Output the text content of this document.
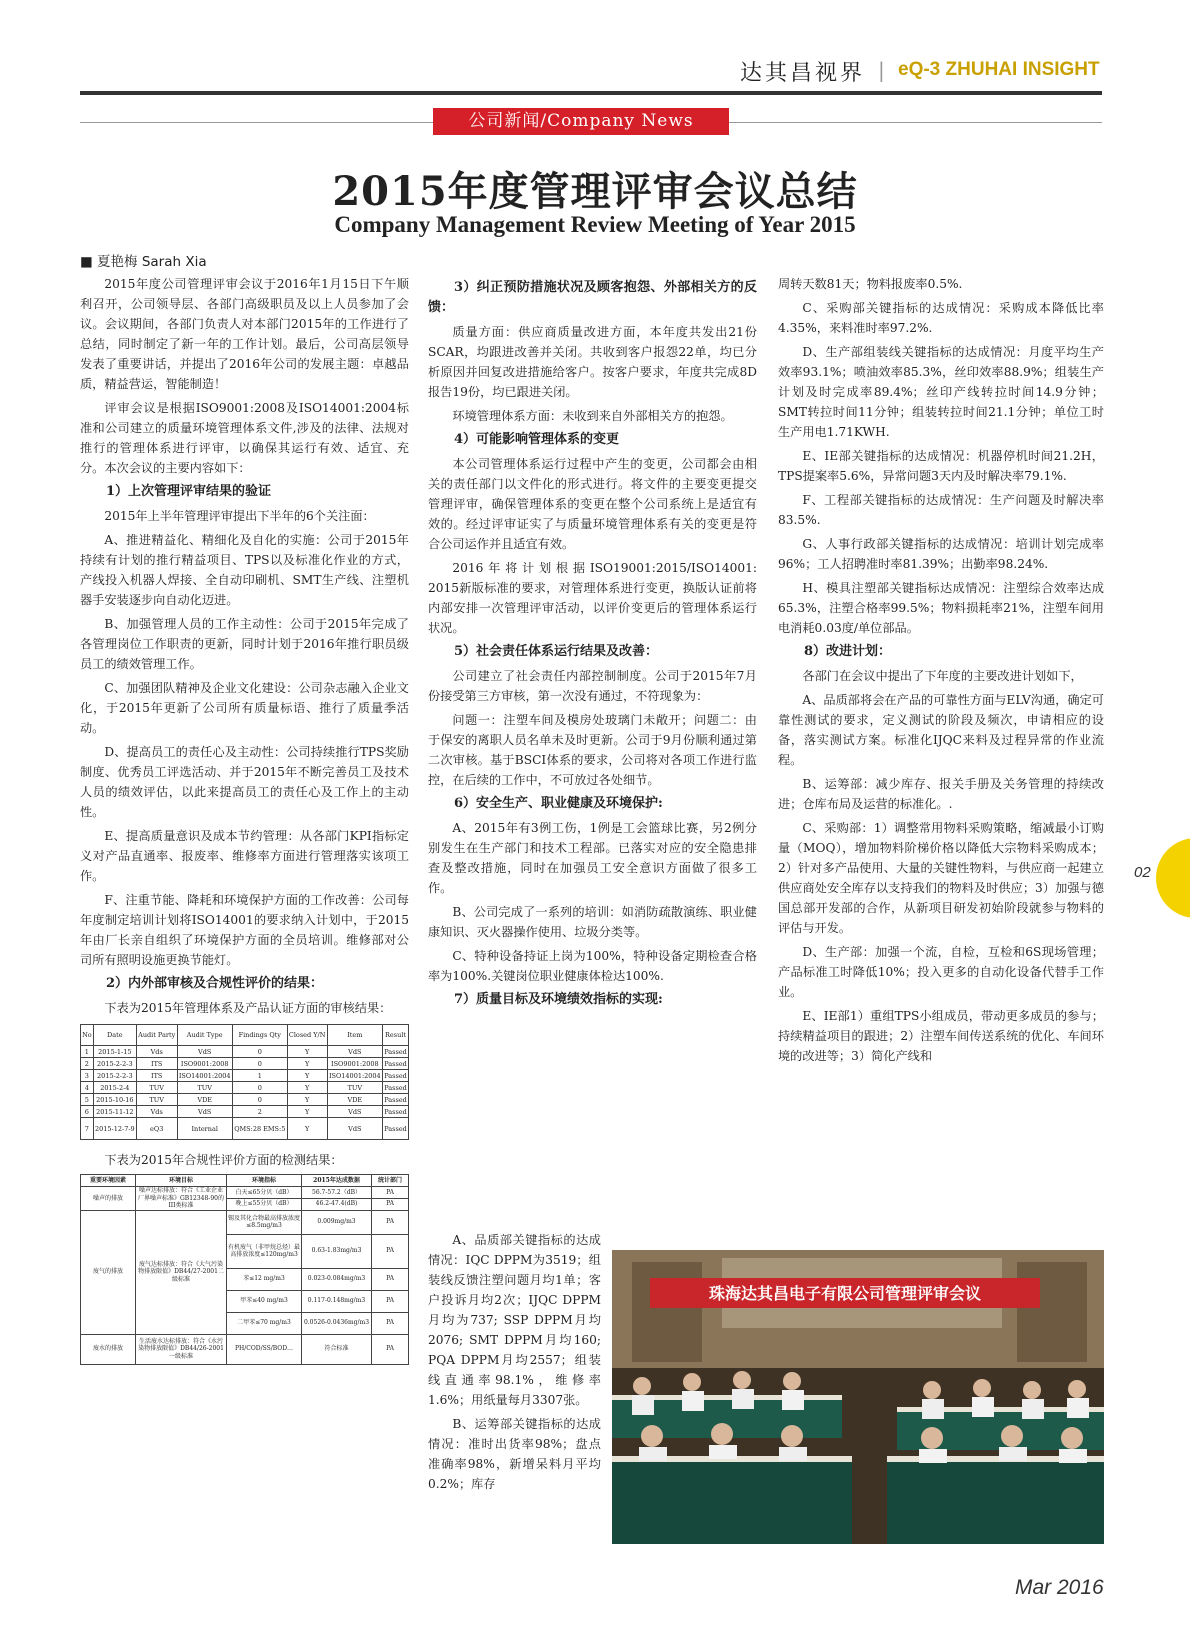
达其昌视界 | eQ-3 ZHUHAI INSIGHT
公司新闻/Company News
2015年度管理评审会议总结
Company Management Review Meeting of Year 2015
■ 夏艳梅 Sarah Xia

2015年度公司管理评审会议于2016年1月15日下午顺利召开，公司领导层、各部门高级职员及以上人员参加了会议。会议期间，各部门负责人对本部门2015年的工作进行了总结，同时制定了新一年的工作计划。最后，公司高层领导发表了重要讲话，并提出了2016年公司的发展主题：卓越品质，精益营运，智能制造！

评审会议是根据ISO9001:2008及ISO14001:2004标准和公司建立的质量环境管理体系文件,涉及的法律、法规对推行的管理体系进行评审，以确保其运行有效、适宜、充分。本次会议的主要内容如下：

1）上次管理评审结果的验证

2015年上半年管理评审提出下半年的6个关注面：

A、推进精益化、精细化及自化的实施：公司于2015年持续有计划的推行精益项目、TPS以及标准化作业的方式，产线投入机器人焊接、全自动印刷机、SMT生产线、注塑机器手安装逐步向自动化迈进。

B、加强管理人员的工作主动性：公司于2015年完成了各管理岗位工作职责的更新，同时计划于2016年推行职员级员工的绩效管理工作。

C、加强团队精神及企业文化建设：公司杂志融入企业文化，于2015年更新了公司所有质量标语、推行了质量季活动。

D、提高员工的责任心及主动性：公司持续推行TPS奖励制度、优秀员工评选活动、并于2015年不断完善员工及技术人员的绩效评估，以此来提高员工的责任心及工作上的主动性。

E、提高质量意识及成本节约管理：从各部门KPI指标定义对产品直通率、报废率、维修率方面进行管理落实该项工作。

F、注重节能、降耗和环境保护方面的工作改善：公司每年度制定培训计划将ISO14001的要求纳入计划中，于2015年由厂长亲自组织了环境保护方面的全员培训。维修部对公司所有照明设施更换节能灯。

2）内外部审核及合规性评价的结果：

下表为2015年管理体系及产品认证方面的审核结果：

No	Date	Audit Party	Audit Type	Findings Qty	Closed Y/N	Item	Result
1	2015-1-15	Vds	VdS	0	Y	VdS	Passed
2	2015-2-2-3	ITS	ISO9001:2008	0	Y	ISO9001:2008	Passed
3	2015-2-2-3	ITS	ISO14001:2004	1	Y	ISO14001:2004	Passed
4	2015-2-4	TUV	TUV	0	Y	TUV	Passed
5	2015-10-16	TUV	VDE	0	Y	VDE	Passed
6	2015-11-12	Vds	VdS	2	Y	VdS	Passed
7	2015-12-7-9	eQ3	Internal	QMS:28 EMS:5	Y	VdS	Passed

下表为2015年合规性评价方面的检测结果：

重要环境因素	环境目标	环境指标	2015年达成数据	统计部门
噪声的排放	噪声达标排放：符合《工业企业厂界噪声标准》GB12348-90的III类标准	白天≤65分贝（dB）	56.7-57.2（dB）	PA
		晚上≤55分贝（dB）	46.2-47.4(dB)	PA
废气的排放	废气达标排放：符合《大气污染物排放限值》DB44/27-2001二级标准	锡及其化合物最高排放浓度≤8.5mg/m3	0.009mg/m3	PA
		有机废气（非甲烷总烃）最高排放浓度≤120mg/m3	0.63-1.83mg/m3	PA
		苯≤12 mg/m3	0.023-0.084mg/m3	PA
		甲苯≤40 mg/m3	0.117-0.148mg/m3	PA
		二甲苯≤70 mg/m3	0.0526-0.0436mg/m3	PA
废水的排放	生活废水达标排放：符合《水污染物排放限值》DB44/26-2001一级标准	PH/COD/SS/BOD…	符合标准	PA
3）纠正预防措施状况及顾客抱怨、外部相关方的反馈：

质量方面：供应商质量改进方面，本年度共发出21份SCAR，均跟进改善并关闭。共收到客户报怨22单，均已分析原因并回复改进措施给客户。按客户要求，年度共完成8D报告19份，均已跟进关闭。

环境管理体系方面：未收到来自外部相关方的抱怨。

4）可能影响管理体系的变更

本公司管理体系运行过程中产生的变更，公司都会由相关的责任部门以文件化的形式进行。将文件的主要变更提交管理评审，确保管理体系的变更在整个公司系统上是适宜有效的。经过评审证实了与质量环境管理体系有关的变更是符合公司运作并且适宜有效。

2016年将计划根据ISO19001:2015/ISO14001: 2015新版标准的要求，对管理体系进行变更，换版认证前将内部安排一次管理评审活动，以评价变更后的管理体系运行状况。

5）社会责任体系运行结果及改善：

公司建立了社会责任内部控制制度。公司于2015年7月份接受第三方审核，第一次没有通过，不符现象为：

问题一：注塑车间及模房处玻璃门未敞开；问题二：由于保安的离职人员名单未及时更新。公司于9月份顺利通过第二次审核。基于BSCI体系的要求，公司将对各项工作进行监控，在后续的工作中，不可放过各处细节。

6）安全生产、职业健康及环境保护:

A、2015年有3例工伤，1例是工会篮球比赛，另2例分别发生在生产部门和技术工程部。已落实对应的安全隐患排查及整改措施，同时在加强员工安全意识方面做了很多工作。

B、公司完成了一系列的培训：如消防疏散演练、职业健康知识、灭火器操作使用、垃圾分类等。

C、特种设备持证上岗为100%，特种设备定期检查合格率为100%.关键岗位职业健康体检达100%.

7）质量目标及环境绩效指标的实现:

A、品质部关键指标的达成情况：IQC DPPM为3519；组装线反馈注塑问题月均1单；客户投诉月均2次；IJQC DPPM月均为737; SSP DPPM月均2076; SMT DPPM月均160; PQA DPPM月均2557；组装线直通率98.1%，维修率1.6%；用纸量每月3307张。

B、运筹部关键指标的达成情况：准时出货率98%；盘点准确率98%，新增呆料月平均0.2%；库存

周转天数81天；物料报废率0.5%.

C、采购部关键指标的达成情况：采购成本降低比率4.35%，来料准时率97.2%.

D、生产部组装线关键指标的达成情况：月度平均生产效率93.1%；喷油效率85.3%，丝印效率88.9%；组装生产计划及时完成率89.4%；丝印产线转拉时间14.9分钟；SMT转拉时间11分钟；组装转拉时间21.1分钟；单位工时生产用电1.71KWH.

E、IE部关键指标的达成情况：机器停机时间21.2H，TPS提案率5.6%，异常问题3天内及时解决率79.1%.

F、工程部关键指标的达成情况：生产问题及时解决率83.5%.

G、人事行政部关键指标的达成情况：培训计划完成率96%；工人招聘准时率81.39%；出勤率98.24%.

H、模具注塑部关键指标达成情况：注塑综合效率达成65.3%，注塑合格率99.5%；物料损耗率21%，注塑车间用电消耗0.03度/单位部品。

8）改进计划：

各部门在会议中提出了下年度的主要改进计划如下，

A、品质部将会在产品的可靠性方面与ELV沟通，确定可靠性测试的要求，定义测试的阶段及频次，申请相应的设备，落实测试方案。标准化IJQC来料及过程异常的作业流程。

B、运筹部：减少库存、报关手册及关务管理的持续改进；仓库布局及运营的标准化。.

C、采购部：1）调整常用物料采购策略，缩减最小订购量（MOQ），增加物料阶梯价格以降低大宗物料采购成本；2）针对多产品使用、大量的关键性物料，与供应商一起建立供应商处安全库存以支持我们的物料及时供应；3）加强与德国总部开发部的合作，从新项目研发初始阶段就参与物料的评估与开发。

D、生产部：加强一个流，自检，互检和6S现场管理；产品标准工时降低10%；投入更多的自动化设备代替手工作业。

E、IE部1）重组TPS小组成员，带动更多成员的参与；持续精益项目的跟进；2）注塑车间传送系统的优化、车间环境的改进等；3）简化产线和

珠海达其昌电子有限公司管理评审会议
02
Mar 2016
